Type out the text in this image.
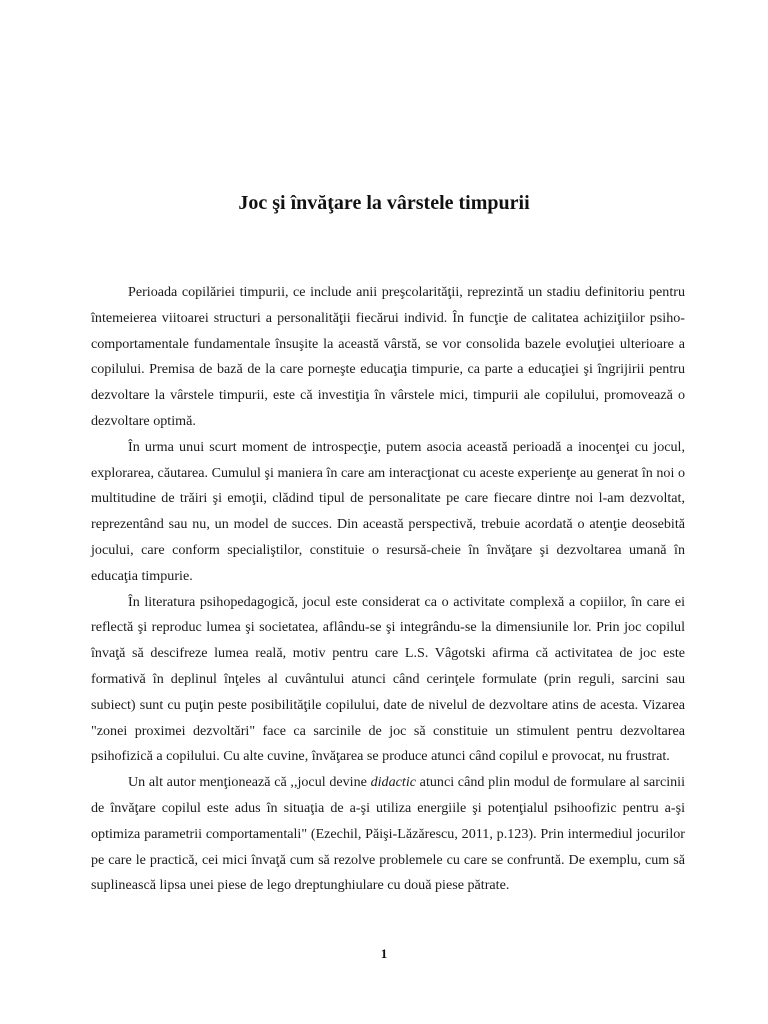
Joc şi învăţare la vârstele timpurii

Perioada copilăriei timpurii, ce include anii preşcolarităţii, reprezintă un stadiu definitoriu pentru întemeierea viitoarei structuri a personalităţii fiecărui individ. În funcţie de calitatea achiziţiilor psiho-comportamentale fundamentale însuşite la această vârstă, se vor consolida bazele evoluţiei ulterioare a copilului. Premisa de bază de la care porneşte educaţia timpurie, ca parte a educaţiei şi îngrijirii pentru dezvoltare la vârstele timpurii, este că investiţia în vârstele mici, timpurii ale copilului, promovează o dezvoltare optimă.

În urma unui scurt moment de introspecţie, putem asocia această perioadă a inocenţei cu jocul, explorarea, căutarea. Cumulul şi maniera în care am interacţionat cu aceste experienţe au generat în noi o multitudine de trăiri şi emoţii, clădind tipul de personalitate pe care fiecare dintre noi l-am dezvoltat, reprezentând sau nu, un model de succes. Din această perspectivă, trebuie acordată o atenţie deosebită jocului, care conform specialiştilor, constituie o resursă-cheie în învăţare şi dezvoltarea umană în educaţia timpurie.

În literatura psihopedagogică, jocul este considerat ca o activitate complexă a copiilor, în care ei reflectă şi reproduc lumea şi societatea, aflându-se şi integrându-se la dimensiunile lor. Prin joc copilul învaţă să descifreze lumea reală, motiv pentru care L.S. Vâgotski afirma că activitatea de joc este formativă în deplinul înţeles al cuvântului atunci când cerinţele formulate (prin reguli, sarcini sau subiect) sunt cu puţin peste posibilităţile copilului, date de nivelul de dezvoltare atins de acesta. Vizarea "zonei proximei dezvoltări" face ca sarcinile de joc să constituie un stimulent pentru dezvoltarea psihofizică a copilului. Cu alte cuvine, învăţarea se produce atunci când copilul e provocat, nu frustrat.

Un alt autor menţionează că ,,jocul devine didactic atunci când plin modul de formulare al sarcinii de învăţare copilul este adus în situaţia de a-şi utiliza energiile şi potenţialul psihoofizic pentru a-şi optimiza parametrii comportamentali" (Ezechil, Păişi-Lăzărescu, 2011, p.123). Prin intermediul jocurilor pe care le practică, cei mici învaţă cum să rezolve problemele cu care se confruntă. De exemplu, cum să suplinească lipsa unei piese de lego dreptunghiulare cu două piese pătrate.

1
